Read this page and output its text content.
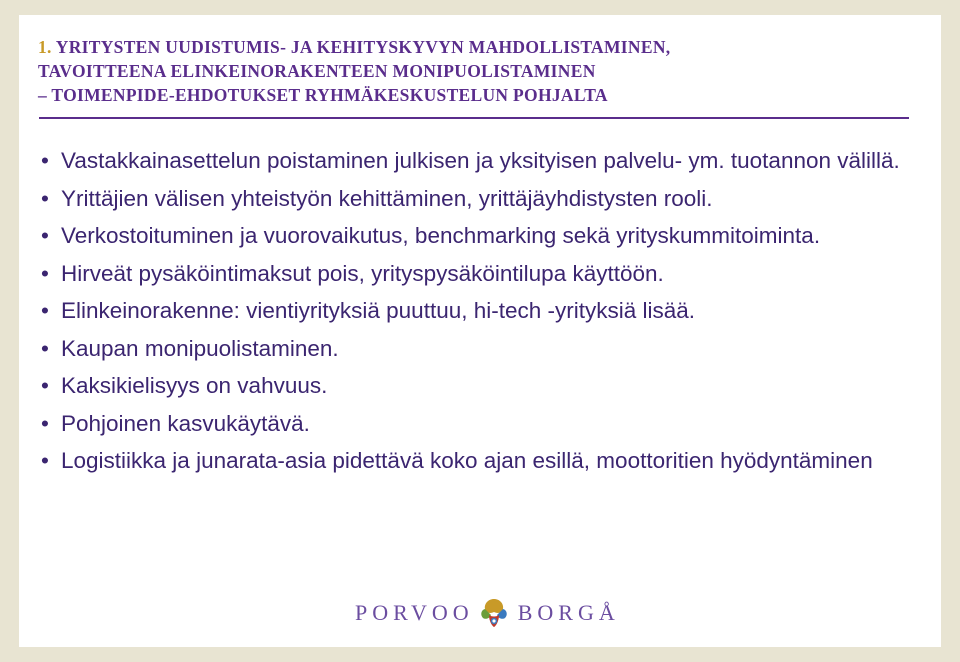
1. YRITYSTEN UUDISTUMIS- JA KEHITYSKYVYN MAHDOLLISTAMINEN,
TAVOITTEENA ELINKEINORAKENTEEN MONIPUOLISTAMINEN
– TOIMENPIDE-EHDOTUKSET RYHMÄKESKUSTELUN POHJALTA
• Vastakkainasettelun poistaminen julkisen ja yksityisen palvelu- ym. tuotannon välillä.
• Yrittäjien välisen yhteistyön kehittäminen, yrittäjäyhdistysten rooli.
• Verkostoituminen ja vuorovaikutus, benchmarking sekä yrityskummitoiminta.
• Hirveät pysäköintimaksut pois, yrityspysäköintilupa käyttöön.
• Elinkeinorakenne: vientiyrityksiä puuttuu, hi-tech -yrityksiä lisää.
• Kaupan monipuolistaminen.
• Kaksikielisyys on vahvuus.
• Pohjoinen kasvukäytävä.
• Logistiikka ja junarata-asia pidettävä koko ajan esillä, moottoritien hyödyntäminen
PORVOO BORGÅ
